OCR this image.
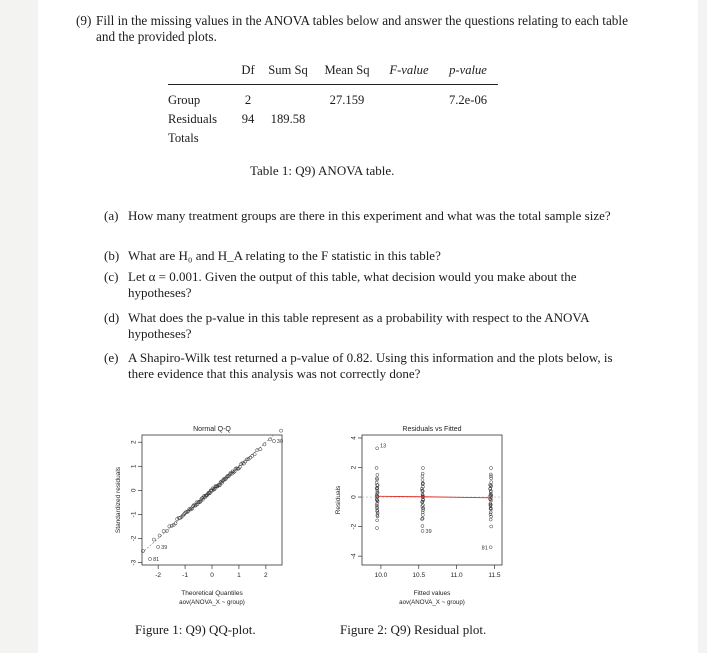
(9) Fill in the missing values in the ANOVA tables below and answer the questions relating to each table and the provided plots.
	Df	Sum Sq	Mean Sq	F-value	p-value
Group	2		27.159		7.2e-06
Residuals	94	189.58			
Totals					
Table 1: Q9) ANOVA table.
(a) How many treatment groups are there in this experiment and what was the total sample size?
(b) What are H₀ and H_A relating to the F statistic in this table?
(c) Let α = 0.001. Given the output of this table, what decision would you make about the hypotheses?
(d) What does the p-value in this table represent as a probability with respect to the ANOVA hypotheses?
(e) A Shapiro-Wilk test returned a p-value of 0.82. Using this information and the plots below, is there evidence that this analysis was not correctly done?
Normal Q-Q
-2	-1	0	1	2
-3
-2
-1
0
1
2
Theoretical Quantiles
aov(ANOVA_X ~ group)
Standardized residuals
30
39
81
Figure 1: Q9) QQ-plot.
Residuals vs Fitted
10.0	10.5	11.0	11.5
-4
-2
0
2
4
Fitted values
aov(ANOVA_X ~ group)
Residuals
13
39
81
Figure 2: Q9) Residual plot.
